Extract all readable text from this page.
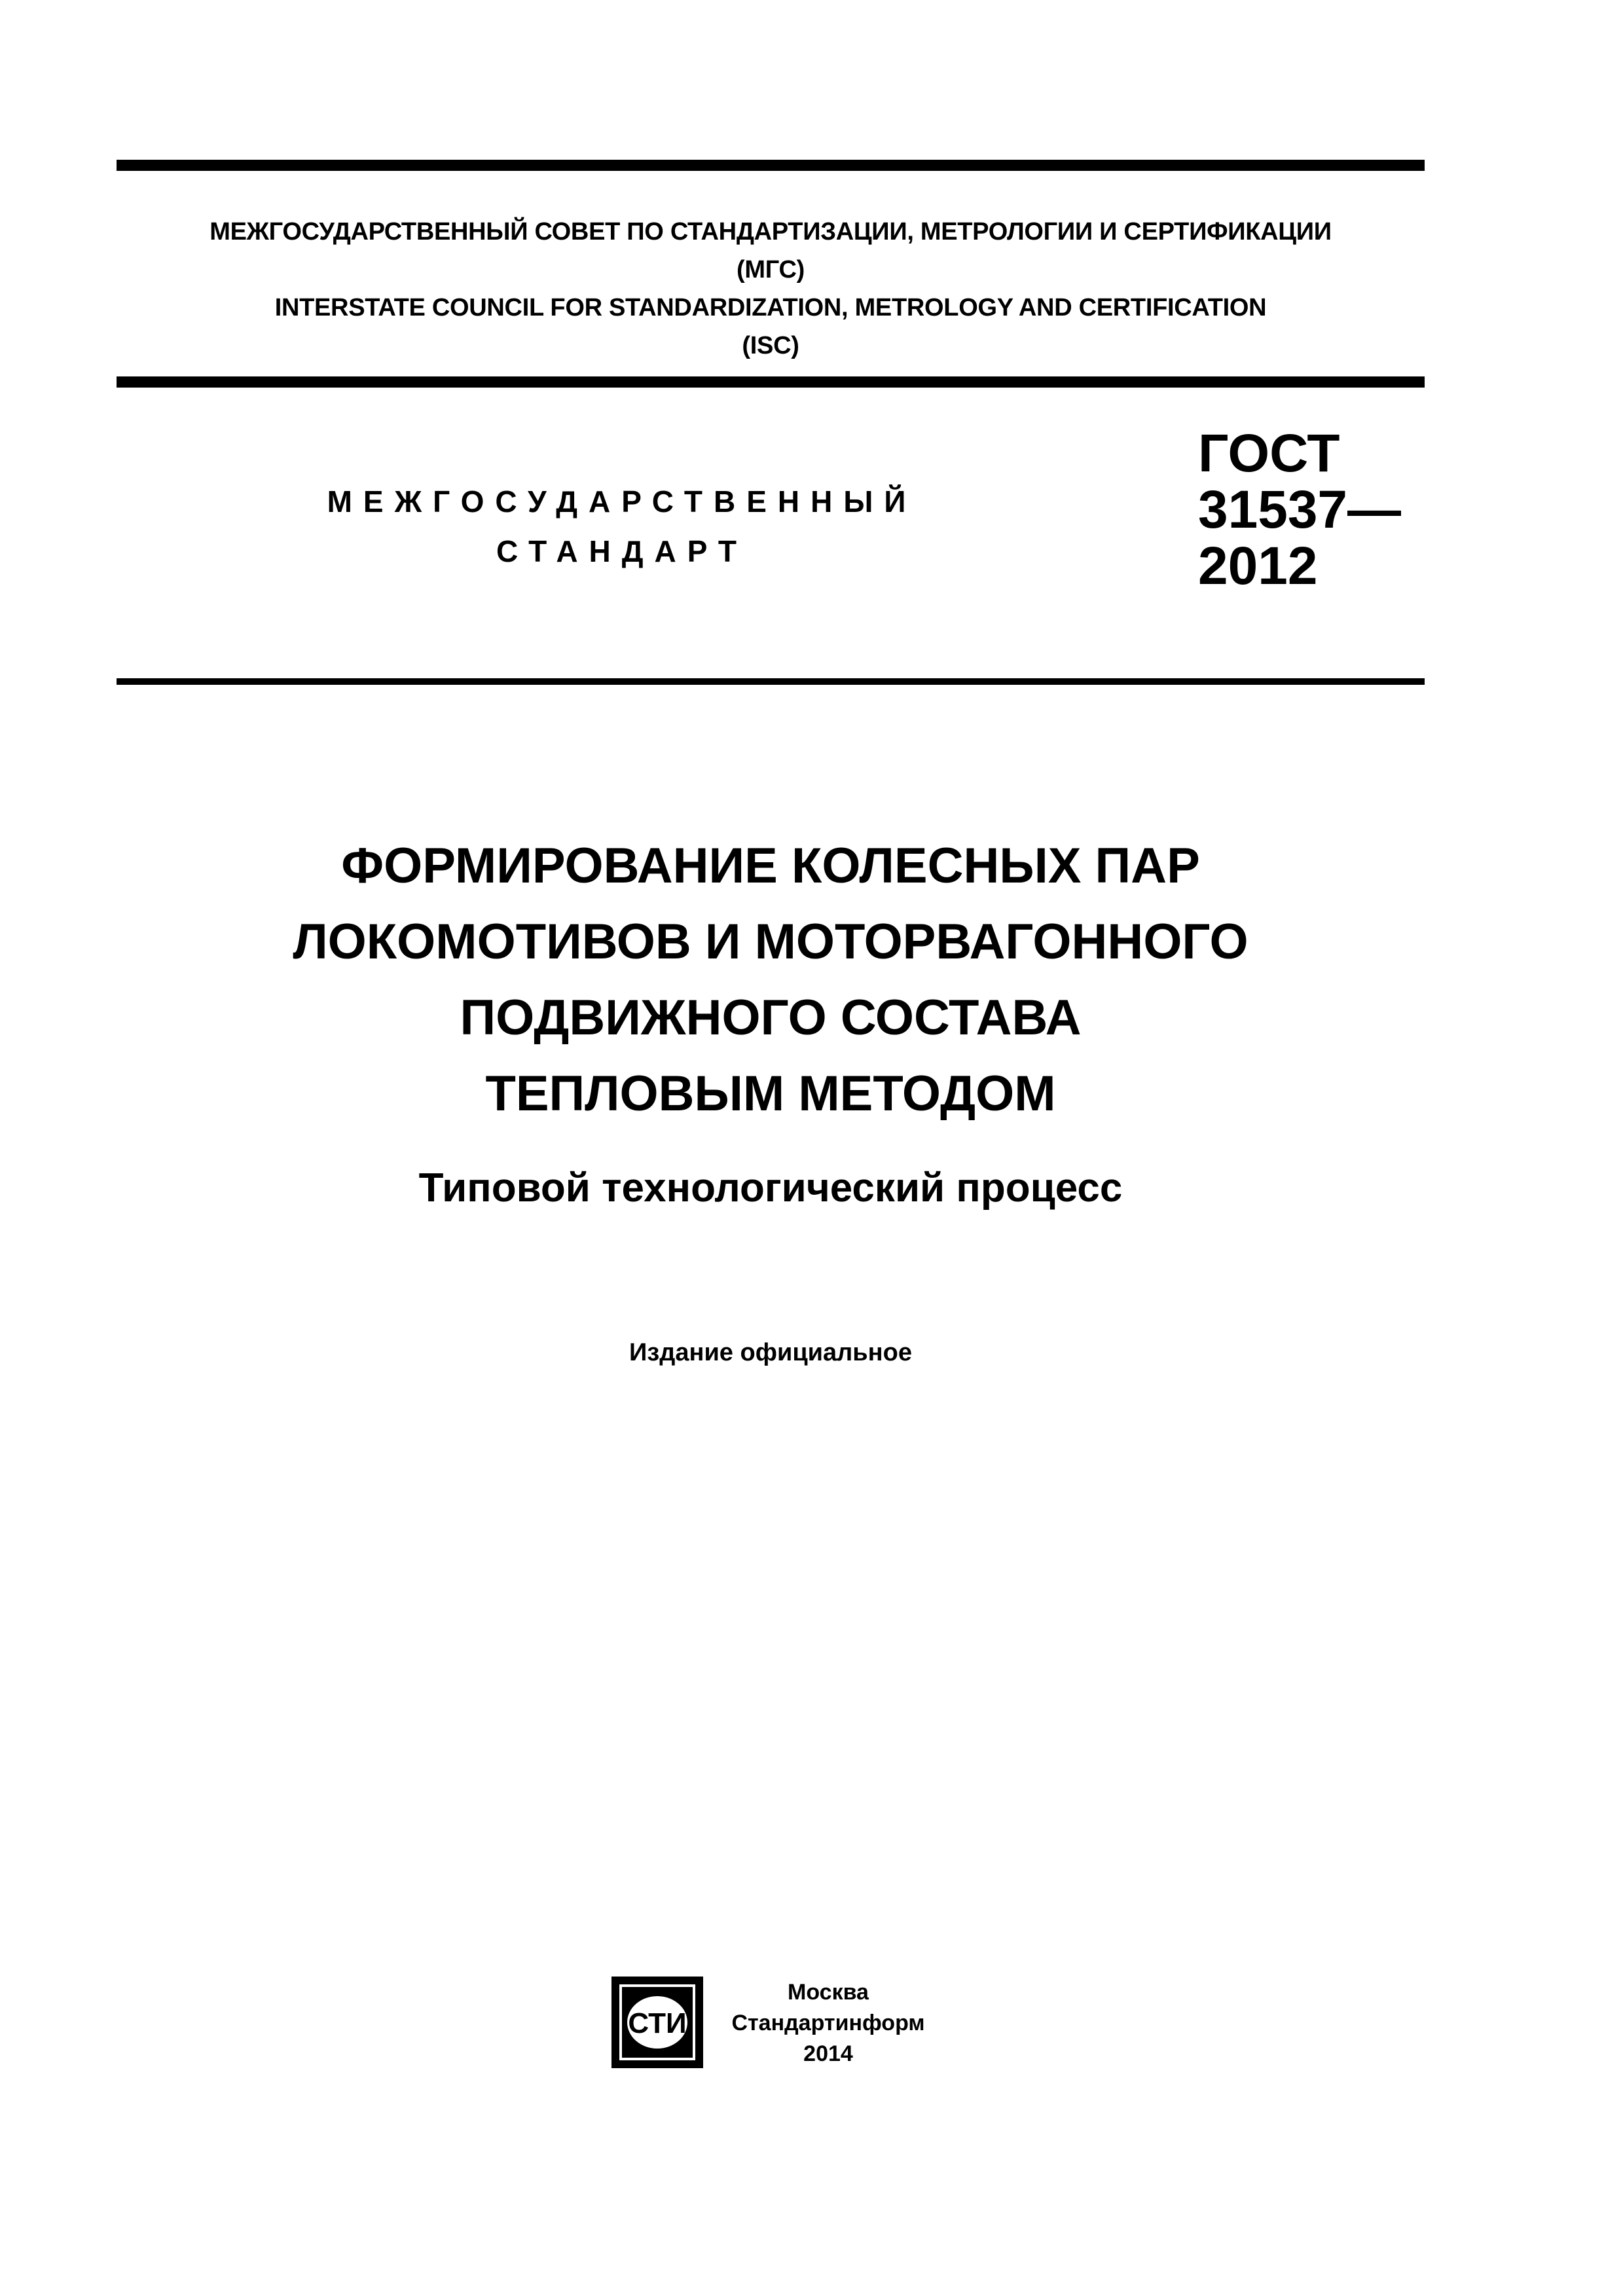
МЕЖГОСУДАРСТВЕННЫЙ СОВЕТ ПО СТАНДАРТИЗАЦИИ, МЕТРОЛОГИИ И СЕРТИФИКАЦИИ
(МГС)
INTERSTATE COUNCIL FOR STANDARDIZATION, METROLOGY AND CERTIFICATION
(ISC)
МЕЖГОСУДАРСТВЕННЫЙ
СТАНДАРТ
ГОСТ
31537—
2012
ФОРМИРОВАНИЕ КОЛЕСНЫХ ПАР
ЛОКОМОТИВОВ И МОТОРВАГОННОГО
ПОДВИЖНОГО СОСТАВА
ТЕПЛОВЫМ МЕТОДОМ
Типовой технологический процесс
Издание официальное
СТИ
Москва
Стандартинформ
2014
